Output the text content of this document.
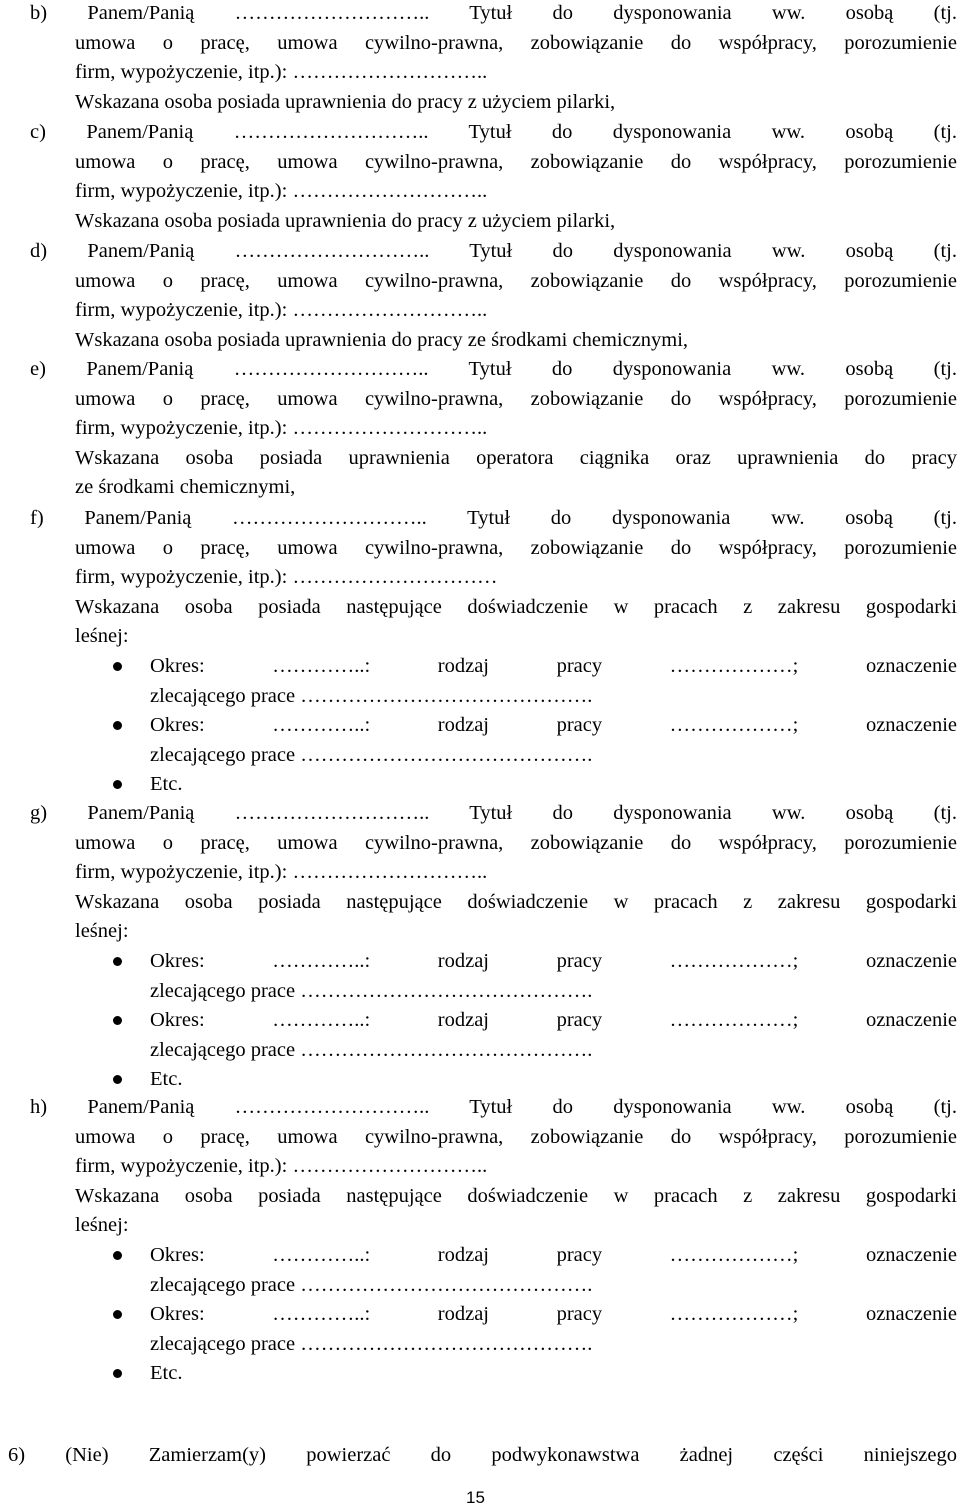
b) Panem/Panią ……………………….. Tytuł do dysponowania ww. osobą (tj.
umowa o pracę, umowa cywilno-prawna, zobowiązanie do współpracy, porozumienie
firm, wypożyczenie, itp.): ………………………..
Wskazana osoba posiada uprawnienia do pracy z użyciem pilarki,
c) Panem/Panią ……………………….. Tytuł do dysponowania ww. osobą (tj.
umowa o pracę, umowa cywilno-prawna, zobowiązanie do współpracy, porozumienie
firm, wypożyczenie, itp.): ………………………..
Wskazana osoba posiada uprawnienia do pracy z użyciem pilarki,
d) Panem/Panią ……………………….. Tytuł do dysponowania ww. osobą (tj.
umowa o pracę, umowa cywilno-prawna, zobowiązanie do współpracy, porozumienie
firm, wypożyczenie, itp.): ………………………..
Wskazana osoba posiada uprawnienia do pracy ze środkami chemicznymi,
e) Panem/Panią ……………………….. Tytuł do dysponowania ww. osobą (tj.
umowa o pracę, umowa cywilno-prawna, zobowiązanie do współpracy, porozumienie
firm, wypożyczenie, itp.): ………………………..
Wskazana osoba posiada uprawnienia operatora ciągnika oraz uprawnienia do pracy
ze środkami chemicznymi,
f) Panem/Panią ……………………….. Tytuł do dysponowania ww. osobą (tj.
umowa o pracę, umowa cywilno-prawna, zobowiązanie do współpracy, porozumienie
firm, wypożyczenie, itp.): …………………………
Wskazana osoba posiada następujące doświadczenie w pracach z zakresu gospodarki
leśnej:
Okres: …………..: rodzaj pracy ………………; oznaczenie
zlecającego prace …………………………………….
Okres: …………..: rodzaj pracy ………………; oznaczenie
zlecającego prace …………………………………….
Etc.
g) Panem/Panią ……………………….. Tytuł do dysponowania ww. osobą (tj.
umowa o pracę, umowa cywilno-prawna, zobowiązanie do współpracy, porozumienie
firm, wypożyczenie, itp.): ………………………..
Wskazana osoba posiada następujące doświadczenie w pracach z zakresu gospodarki
leśnej:
Okres: …………..: rodzaj pracy ………………; oznaczenie
zlecającego prace …………………………………….
Okres: …………..: rodzaj pracy ………………; oznaczenie
zlecającego prace …………………………………….
Etc.
h) Panem/Panią ……………………….. Tytuł do dysponowania ww. osobą (tj.
umowa o pracę, umowa cywilno-prawna, zobowiązanie do współpracy, porozumienie
firm, wypożyczenie, itp.): ………………………..
Wskazana osoba posiada następujące doświadczenie w pracach z zakresu gospodarki
leśnej:
Okres: …………..: rodzaj pracy ………………; oznaczenie
zlecającego prace …………………………………….
Okres: …………..: rodzaj pracy ………………; oznaczenie
zlecającego prace …………………………………….
Etc.
6) (Nie) Zamierzam(y) powierzać do podwykonawstwa żadnej części niniejszego
15
